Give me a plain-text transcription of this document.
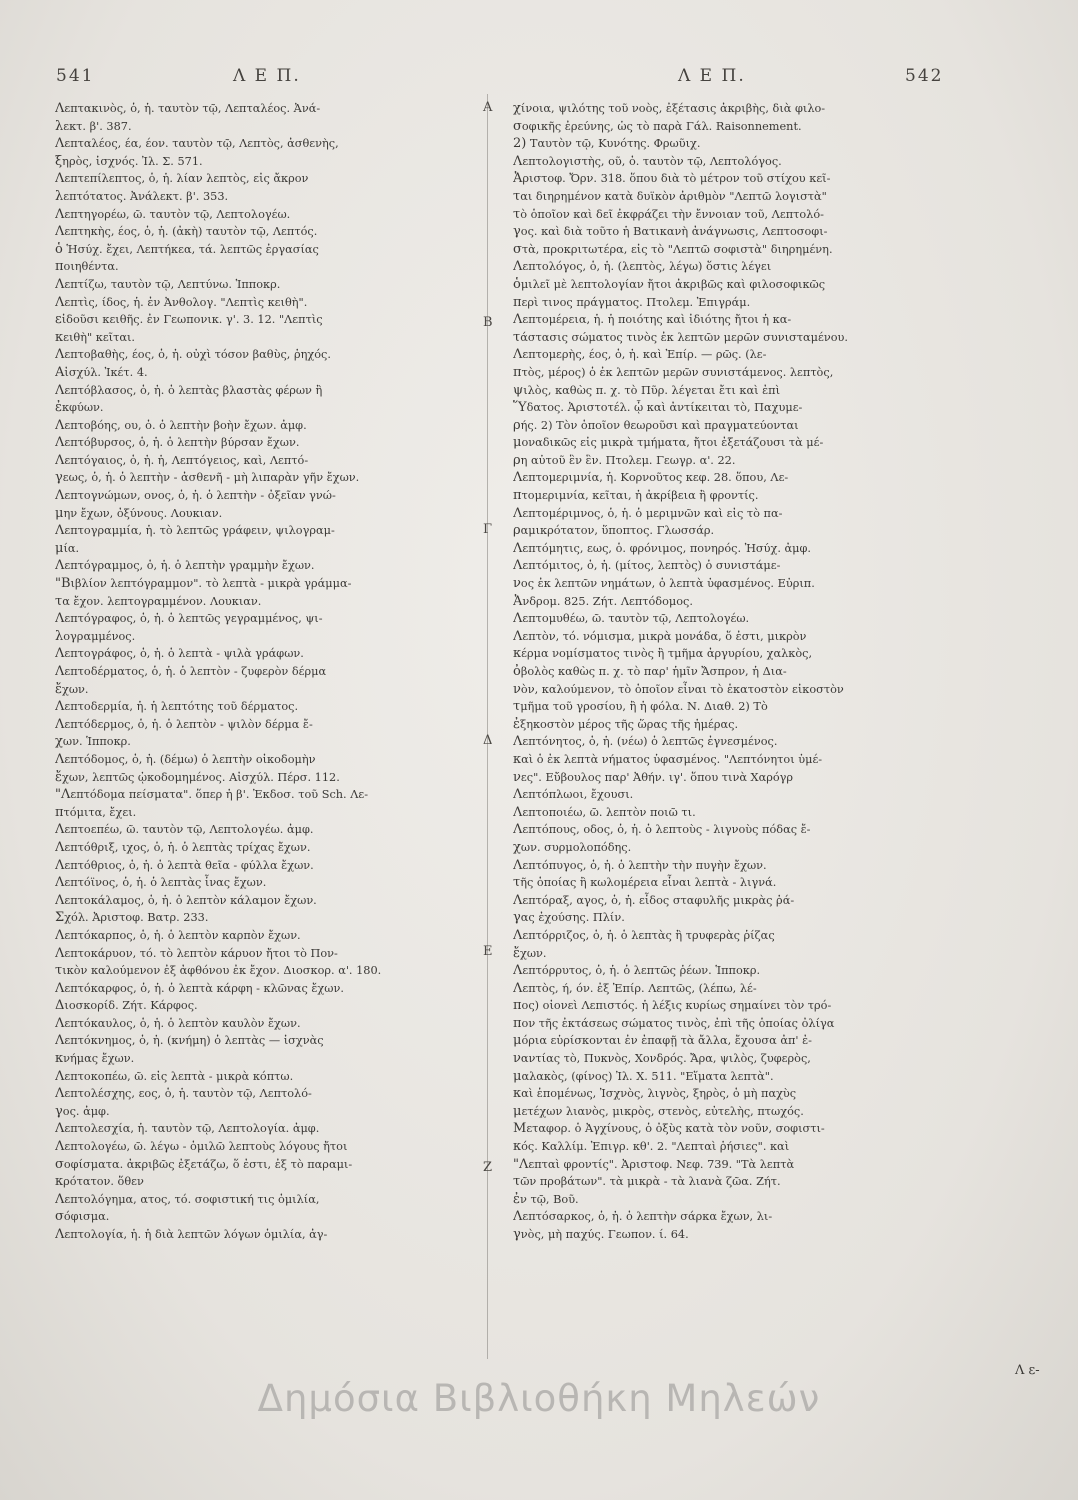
541	Λ Ε Π.	Λ Ε Π.	542
Λεπτακινὸς, ὁ, ἡ. ταυτὸν τῷ, Λεπταλέος. Ἀνά-
λεκτ. β'. 387.
Λεπταλέος, έα, έον. ταυτὸν τῷ, Λεπτὸς, ἀσθενὴς,
ξηρὸς, ἰσχνός. Ἰλ. Σ. 571.
Λεπτεπίλεπτος, ὁ, ἡ. λίαν λεπτὸς, εἰς ἄκρον
λεπτότατος. Ἀνάλεκτ. β'. 353.
Λεπτηγορέω, ῶ. ταυτὸν τῷ, Λεπτολογέω.
Λεπτηκὴς, έος, ὁ, ἡ. (ἀκὴ) ταυτὸν τῷ, Λεπτός.
ὁ Ἡσύχ. ἔχει, Λεπτήκεα, τά. λεπτῶς ἐργασίας
ποιηθέντα.
Λεπτίζω, ταυτὸν τῷ, Λεπτύνω. Ἱπποκρ.
Λεπτὶς, ίδος, ἡ. ἐν Ἀνθολογ. "Λεπτὶς κειθὴ".
εἰδοῦσι κειθῆς. ἐν Γεωπονικ. γ'. 3. 12. "Λεπτὶς
κειθὴ" κεῖται.
Λεπτοβαθὴς, έος, ὁ, ἡ. οὐχὶ τόσον βαθὺς, ῥηχός.
Αἰσχύλ. Ἰκέτ. 4.
Λεπτόβλασος, ὁ, ἡ. ὁ λεπτὰς βλαστὰς φέρων ἢ
ἐκφύων.
Λεπτοβόης, ου, ὁ. ὁ λεπτὴν βοὴν ἔχων. ἀμφ.
Λεπτόβυρσος, ὁ, ἡ. ὁ λεπτὴν βύρσαν ἔχων.
Λεπτόγαιος, ὁ, ἡ. ἡ, Λεπτόγειος, καὶ, Λεπτό-
γεως, ὁ, ἡ. ὁ λεπτὴν - ἀσθενῆ - μὴ λιπαρὰν γῆν ἔχων.
Λεπτογνώμων, ονος, ὁ, ἡ. ὁ λεπτὴν - ὀξεῖαν γνώ-
μην ἔχων, ὀξύνους. Λουκιαν.
Λεπτογραμμία, ἡ. τὸ λεπτῶς γράφειν, ψιλογραμ-
μία.
Λεπτόγραμμος, ὁ, ἡ. ὁ λεπτὴν γραμμὴν ἔχων.
"Βιβλίον λεπτόγραμμον". τὸ λεπτὰ - μικρὰ γράμμα-
τα ἔχον. λεπτογραμμένον. Λουκιαν.
Λεπτόγραφος, ὁ, ἡ. ὁ λεπτῶς γεγραμμένος, ψι-
λογραμμένος.
Λεπτογράφος, ὁ, ἡ. ὁ λεπτὰ - ψιλὰ γράφων.
Λεπτοδέρματος, ὁ, ἡ. ὁ λεπτὸν - ζυφερὸν δέρμα
ἔχων.
Λεπτοδερμία, ἡ. ἡ λεπτότης τοῦ δέρματος.
Λεπτόδερμος, ὁ, ἡ. ὁ λεπτὸν - ψιλὸν δέρμα ἔ-
χων. Ἱπποκρ.
Λεπτόδομος, ὁ, ἡ. (δέμω) ὁ λεπτὴν οἰκοδομὴν
ἔχων, λεπτῶς ᾠκοδομημένος. Αἰσχύλ. Πέρσ. 112.
"Λεπτόδομα πείσματα". ὅπερ ἡ β'. Ἐκδοσ. τοῦ Sch. Λε-
πτόμιτα, ἔχει.
Λεπτοεπέω, ῶ. ταυτὸν τῷ, Λεπτολογέω. ἀμφ.
Λεπτόθριξ, ιχος, ὁ, ἡ. ὁ λεπτὰς τρίχας ἔχων.
Λεπτόθριος, ὁ, ἡ. ὁ λεπτὰ θεῖα - φύλλα ἔχων.
Λεπτόϊνος, ὁ, ἡ. ὁ λεπτὰς ἶνας ἔχων.
Λεπτοκάλαμος, ὁ, ἡ. ὁ λεπτὸν κάλαμον ἔχων.
Σχόλ. Ἀριστοφ. Βατρ. 233.
Λεπτόκαρπος, ὁ, ἡ. ὁ λεπτὸν καρπὸν ἔχων.
Λεπτοκάρυον, τό. τὸ λεπτὸν κάρυον ἤτοι τὸ Πον-
τικὸν καλούμενον ἐξ ἀφθόνου ἐκ ἔχον. Διοσκορ. α'. 180.
Λεπτόκαρφος, ὁ, ἡ. ὁ λεπτὰ κάρφη - κλῶνας ἔχων.
Διοσκορίδ. Ζήτ. Κάρφος.
Λεπτόκαυλος, ὁ, ἡ. ὁ λεπτὸν καυλὸν ἔχων.
Λεπτόκνημος, ὁ, ἡ. (κνήμη) ὁ λεπτὰς — ἰσχνὰς
κνήμας ἔχων.
Λεπτοκοπέω, ῶ. εἰς λεπτὰ - μικρὰ κόπτω.
Λεπτολέσχης, εος, ὁ, ἡ. ταυτὸν τῷ, Λεπτολό-
γος. ἀμφ.
Λεπτολεσχία, ἡ. ταυτὸν τῷ, Λεπτολογία. ἀμφ.
Λεπτολογέω, ῶ. λέγω - ὁμιλῶ λεπτοὺς λόγους ἤτοι
σοφίσματα. ἀκριβῶς ἐξετάζω, ὅ ἐστι, ἐξ τὸ παραμι-
κρότατον. ὅθεν
Λεπτολόγημα, ατος, τό. σοφιστική τις ὁμιλία,
σόφισμα.
Λεπτολογία, ἡ. ἡ διὰ λεπτῶν λόγων ὁμιλία, ἀγ-
χίνοια, ψιλότης τοῦ νοὸς, ἐξέτασις ἀκριβὴς, διὰ φιλο-
σοφικῆς ἐρεύνης, ὡς τὸ παρὰ Γάλ. Raisonnement.
2) Ταυτὸν τῷ, Κυνότης. Φρωῦιχ.
Λεπτολογιστὴς, οῦ, ὁ. ταυτὸν τῷ, Λεπτολόγος.
Ἀριστοφ. Ὄρν. 318. ὅπου διὰ τὸ μέτρον τοῦ στίχου κεῖ-
ται διηρημένον κατὰ δυϊκὸν ἀριθμὸν "Λεπτῶ λογιστὰ"
τὸ ὁποῖον καὶ δεῖ ἐκφράζει τὴν ἔννοιαν τοῦ, Λεπτολό-
γος. καὶ διὰ τοῦτο ἡ Βατικανὴ ἀνάγνωσις, Λεπτοσοφι-
στὰ, προκριτωτέρα, εἰς τὸ "Λεπτῶ σοφιστὰ" διηρημένη.
Λεπτολόγος, ὁ, ἡ. (λεπτὸς, λέγω) ὅστις λέγει
ὁμιλεῖ μὲ λεπτολογίαν ἤτοι ἀκριβῶς καὶ φιλοσοφικῶς
περὶ τινος πράγματος. Πτολεμ. Ἐπιγράμ.
Λεπτομέρεια, ἡ. ἡ ποιότης καὶ ἰδιότης ἤτοι ἡ κα-
τάστασις σώματος τινὸς ἐκ λεπτῶν μερῶν συνισταμένου.
Λεπτομερὴς, έος, ὁ, ἡ. καὶ Ἐπίρ. — ρῶς. (λε-
πτὸς, μέρος) ὁ ἐκ λεπτῶν μερῶν συνιστάμενος. λεπτὸς,
ψιλὸς, καθὼς π. χ. τὸ Πῦρ. λέγεται ἔτι καὶ ἐπὶ
Ὕδατος. Ἀριστοτέλ. ᾧ καὶ ἀντίκειται τὸ, Παχυμε-
ρής. 2) Τὸν ὁποῖον θεωροῦσι καὶ πραγματεύονται
μοναδικῶς εἰς μικρὰ τμήματα, ἤτοι ἐξετάζουσι τὰ μέ-
ρη αὐτοῦ ἓν ἓν. Πτολεμ. Γεωγρ. α'. 22.
Λεπτομεριμνία, ἡ. Κορνοῦτος κεφ. 28. ὅπου, Λε-
πτομεριμνία, κεῖται, ἡ ἀκρίβεια ἢ φροντίς.
Λεπτομέριμνος, ὁ, ἡ. ὁ μεριμνῶν καὶ εἰς τὸ πα-
ραμικρότατον, ὕποπτος. Γλωσσάρ.
Λεπτόμητις, εως, ὁ. φρόνιμος, πονηρός. Ἡσύχ. ἀμφ.
Λεπτόμιτος, ὁ, ἡ. (μίτος, λεπτὸς) ὁ συνιστάμε-
νος ἐκ λεπτῶν νημάτων, ὁ λεπτὰ ὑφασμένος. Εὐριπ.
Ἀνδρομ. 825. Ζήτ. Λεπτόδομος.
Λεπτομυθέω, ῶ. ταυτὸν τῷ, Λεπτολογέω.
Λεπτὸν, τό. νόμισμα, μικρὰ μονάδα, ὅ ἐστι, μικρὸν
κέρμα νομίσματος τινὸς ἢ τμῆμα ἀργυρίου, χαλκὸς,
ὀβολὸς καθὼς π. χ. τὸ παρ' ἡμῖν Ἄσπρον, ἡ Δια-
νὸν, καλούμενον, τὸ ὁποῖον εἶναι τὸ ἑκατοστὸν εἰκοστὸν
τμῆμα τοῦ γροσίου, ἢ ἡ φόλα. Ν. Διαθ. 2) Τὸ
ἐξηκοστὸν μέρος τῆς ὥρας τῆς ἡμέρας.
Λεπτόνητος, ὁ, ἡ. (νέω) ὁ λεπτῶς ἐγνεσμένος.
καὶ ὁ ἐκ λεπτὰ νήματος ὑφασμένος. "Λεπτόνητοι ὑμέ-
νες". Εὔβουλος παρ' Ἀθήν. ιγ'. ὅπου τινὰ Χαρόγρ
Λεπτόπλωοι, ἔχουσι.
Λεπτοποιέω, ῶ. λεπτὸν ποιῶ τι.
Λεπτόπους, οδος, ὁ, ἡ. ὁ λεπτοὺς - λιγνοὺς πόδας ἔ-
χων. συρμολοπόδης.
Λεπτόπυγος, ὁ, ἡ. ὁ λεπτὴν τὴν πυγὴν ἔχων.
τῆς ὁποίας ἢ κωλομέρεια εἶναι λεπτὰ - λιγνά.
Λεπτόραξ, αγος, ὁ, ἡ. εἶδος σταφυλῆς μικρὰς ῥά-
γας ἐχούσης. Πλίν.
Λεπτόρριζος, ὁ, ἡ. ὁ λεπτὰς ἢ τρυφερὰς ῥίζας
ἔχων.
Λεπτόρρυτος, ὁ, ἡ. ὁ λεπτῶς ῥέων. Ἱπποκρ.
Λεπτὸς, ή, όν. ἐξ Ἐπίρ. Λεπτῶς, (λέπω, λέ-
πος) οἱονεὶ Λεπιστός. ἡ λέξις κυρίως σημαίνει τὸν τρό-
πον τῆς ἐκτάσεως σώματος τινὸς, ἐπὶ τῆς ὁποίας ὀλίγα
μόρια εὑρίσκονται ἐν ἐπαφῇ τὰ ἄλλα, ἔχουσα ἀπ' ἐ-
ναντίας τὸ, Πυκνὸς, Χονδρός. Ἄρα, ψιλὸς, ζυφερὸς,
μαλακὸς, (φίνος) Ἰλ. Χ. 511. "Εἵματα λεπτὰ".
καὶ ἑπομένως, Ἰσχνὸς, λιγνὸς, ξηρὸς, ὁ μὴ παχὺς
μετέχων λιανὸς, μικρὸς, στενὸς, εὐτελὴς, πτωχός.
Μεταφορ. ὁ Ἀγχίνους, ὁ ὀξὺς κατὰ τὸν νοῦν, σοφιστι-
κός. Καλλίμ. Ἐπιγρ. κθ'. 2. "Λεπταὶ ῥήσιες". καὶ
"Λεπταὶ φροντίς". Ἀριστοφ. Νεφ. 739. "Τὰ λεπτὰ
τῶν προβάτων". τὰ μικρὰ - τὰ λιανὰ ζῶα. Ζήτ.
ἐν τῷ, Βοῦ.
Λεπτόσαρκος, ὁ, ἡ. ὁ λεπτὴν σάρκα ἔχων, λι-
γνὸς, μὴ παχύς. Γεωπον. ί. 64.
Α
Β
Γ
Δ
Ε
Ζ
Λ ε-
Δημόσια Βιβλιοθήκη Μηλεών
